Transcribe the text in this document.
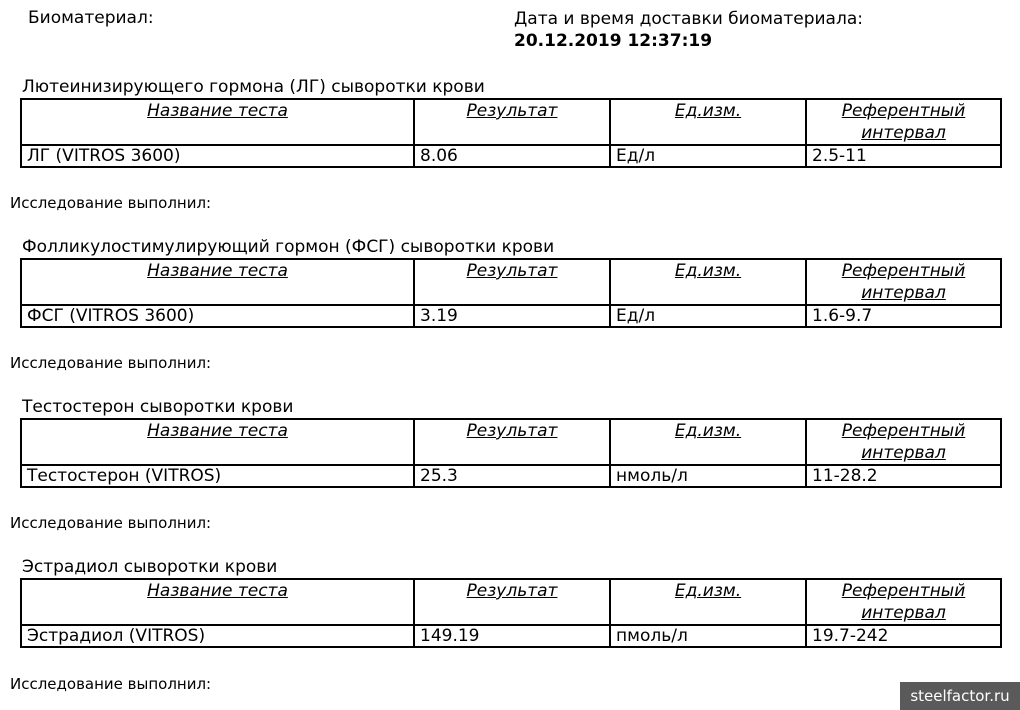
Биоматериал:	Дата и время доставки биоматериала:
20.12.2019 12:37:19
Лютеинизирующего гормона (ЛГ) сыворотки крови
Название теста	Результат	Ед.изм.	Референтный интервал
ЛГ (VITROS 3600)	8.06	Ед/л	2.5-11
Исследование выполнил:
Фолликулостимулирующий гормон (ФСГ) сыворотки крови
Название теста	Результат	Ед.изм.	Референтный интервал
ФСГ (VITROS 3600)	3.19	Ед/л	1.6-9.7
Исследование выполнил:
Тестостерон сыворотки крови
Название теста	Результат	Ед.изм.	Референтный интервал
Тестостерон (VITROS)	25.3	нмоль/л	11-28.2
Исследование выполнил:
Эстрадиол сыворотки крови
Название теста	Результат	Ед.изм.	Референтный интервал
Эстрадиол (VITROS)	149.19	пмоль/л	19.7-242
Исследование выполнил:
steelfactor.ru
